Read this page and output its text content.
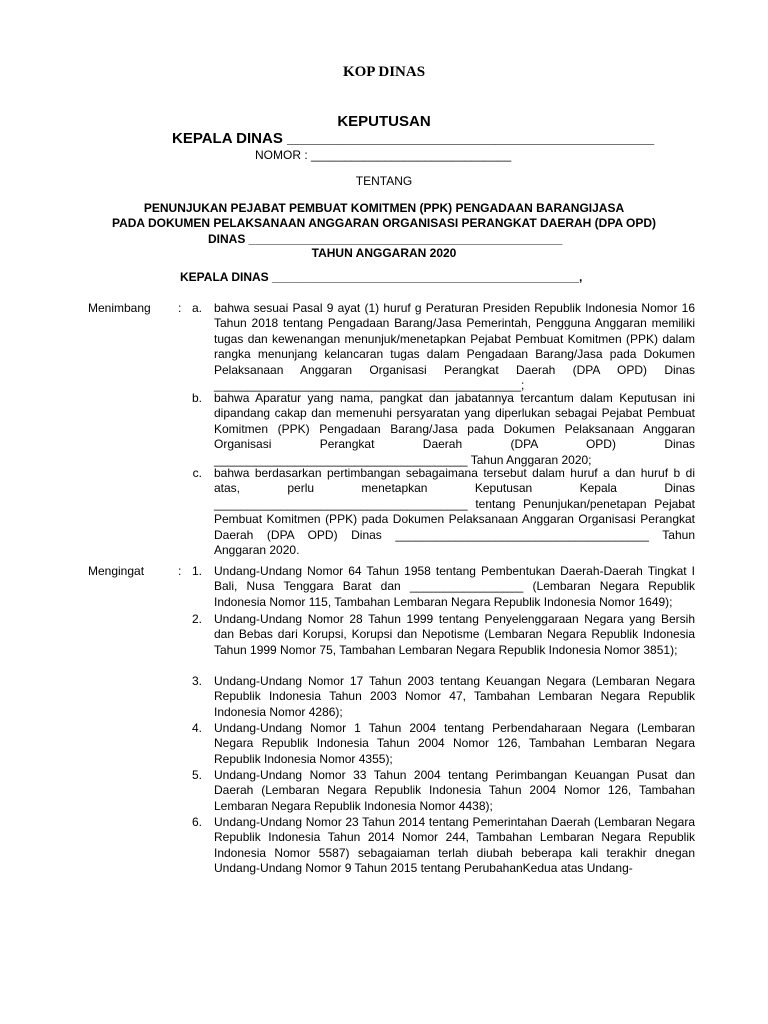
KOP DINAS
KEPUTUSAN
KEPALA DINAS ____________________________________________
NOMOR : ______________________________
TENTANG
PENUNJUKAN PEJABAT PEMBUAT KOMITMEN (PPK) PENGADAAN BARANGIJASA
PADA DOKUMEN PELAKSANAAN ANGGARAN ORGANISASI PERANGKAT DAERAH (DPA OPD)
DINAS _______________________________________________
TAHUN ANGGARAN 2020
KEPALA DINAS ______________________________________________,
Menimbang : a. bahwa sesuai Pasal 9 ayat (1) huruf g Peraturan Presiden Republik Indonesia Nomor 16 Tahun 2018 tentang Pengadaan Barang/Jasa Pemerintah, Pengguna Anggaran memiliki tugas dan kewenangan menunjuk/menetapkan Pejabat Pembuat Komitmen (PPK) dalam rangka menunjang kelancaran tugas dalam Pengadaan Barang/Jasa pada Dokumen Pelaksanaan Anggaran Organisasi Perangkat Daerah (DPA OPD) Dinas ______________________________________________;
b. bahwa Aparatur yang nama, pangkat dan jabatannya tercantum dalam Keputusan ini dipandang cakap dan memenuhi persyaratan yang diperlukan sebagai Pejabat Pembuat Komitmen (PPK) Pengadaan Barang/Jasa pada Dokumen Pelaksanaan Anggaran Organisasi Perangkat Daerah (DPA OPD) Dinas ______________________________________ Tahun Anggaran 2020;
c. bahwa berdasarkan pertimbangan sebagaimana tersebut dalam huruf a dan huruf b di atas, perlu menetapkan Keputusan Kepala Dinas ______________________________________ tentang Penunjukan/penetapan Pejabat Pembuat Komitmen (PPK) pada Dokumen Pelaksanaan Anggaran Organisasi Perangkat Daerah (DPA OPD) Dinas ______________________________________ Tahun Anggaran 2020.
Mengingat	: 1. Undang-Undang Nomor 64 Tahun 1958 tentang Pembentukan Daerah-Daerah Tingkat I Bali, Nusa Tenggara Barat dan _________________ (Lembaran Negara Republik Indonesia Nomor 115, Tambahan Lembaran Negara Republik Indonesia Nomor 1649);
2. Undang-Undang Nomor 28 Tahun 1999 tentang Penyelenggaraan Negara yang Bersih dan Bebas dari Korupsi, Korupsi dan Nepotisme (Lembaran Negara Republik Indonesia Tahun 1999 Nomor 75, Tambahan Lembaran Negara Republik Indonesia Nomor 3851);
3. Undang-Undang Nomor 17 Tahun 2003 tentang Keuangan Negara (Lembaran Negara Republik Indonesia Tahun 2003 Nomor 47, Tambahan Lembaran Negara Republik Indonesia Nomor 4286);
4. Undang-Undang Nomor 1 Tahun 2004 tentang Perbendaharaan Negara (Lembaran Negara Republik Indonesia Tahun 2004 Nomor 126, Tambahan Lembaran Negara Republik Indonesia Nomor 4355);
5. Undang-Undang Nomor 33 Tahun 2004 tentang Perimbangan Keuangan Pusat dan Daerah (Lembaran Negara Republik Indonesia Tahun 2004 Nomor 126, Tambahan Lembaran Negara Republik Indonesia Nomor 4438);
6. Undang-Undang Nomor 23 Tahun 2014 tentang Pemerintahan Daerah (Lembaran Negara Republik Indonesia Tahun 2014 Nomor 244, Tambahan Lembaran Negara Republik Indonesia Nomor 5587) sebagaiaman terlah diubah beberapa kali terakhir dnegan Undang-Undang Nomor 9 Tahun 2015 tentang PerubahanKedua atas Undang-
